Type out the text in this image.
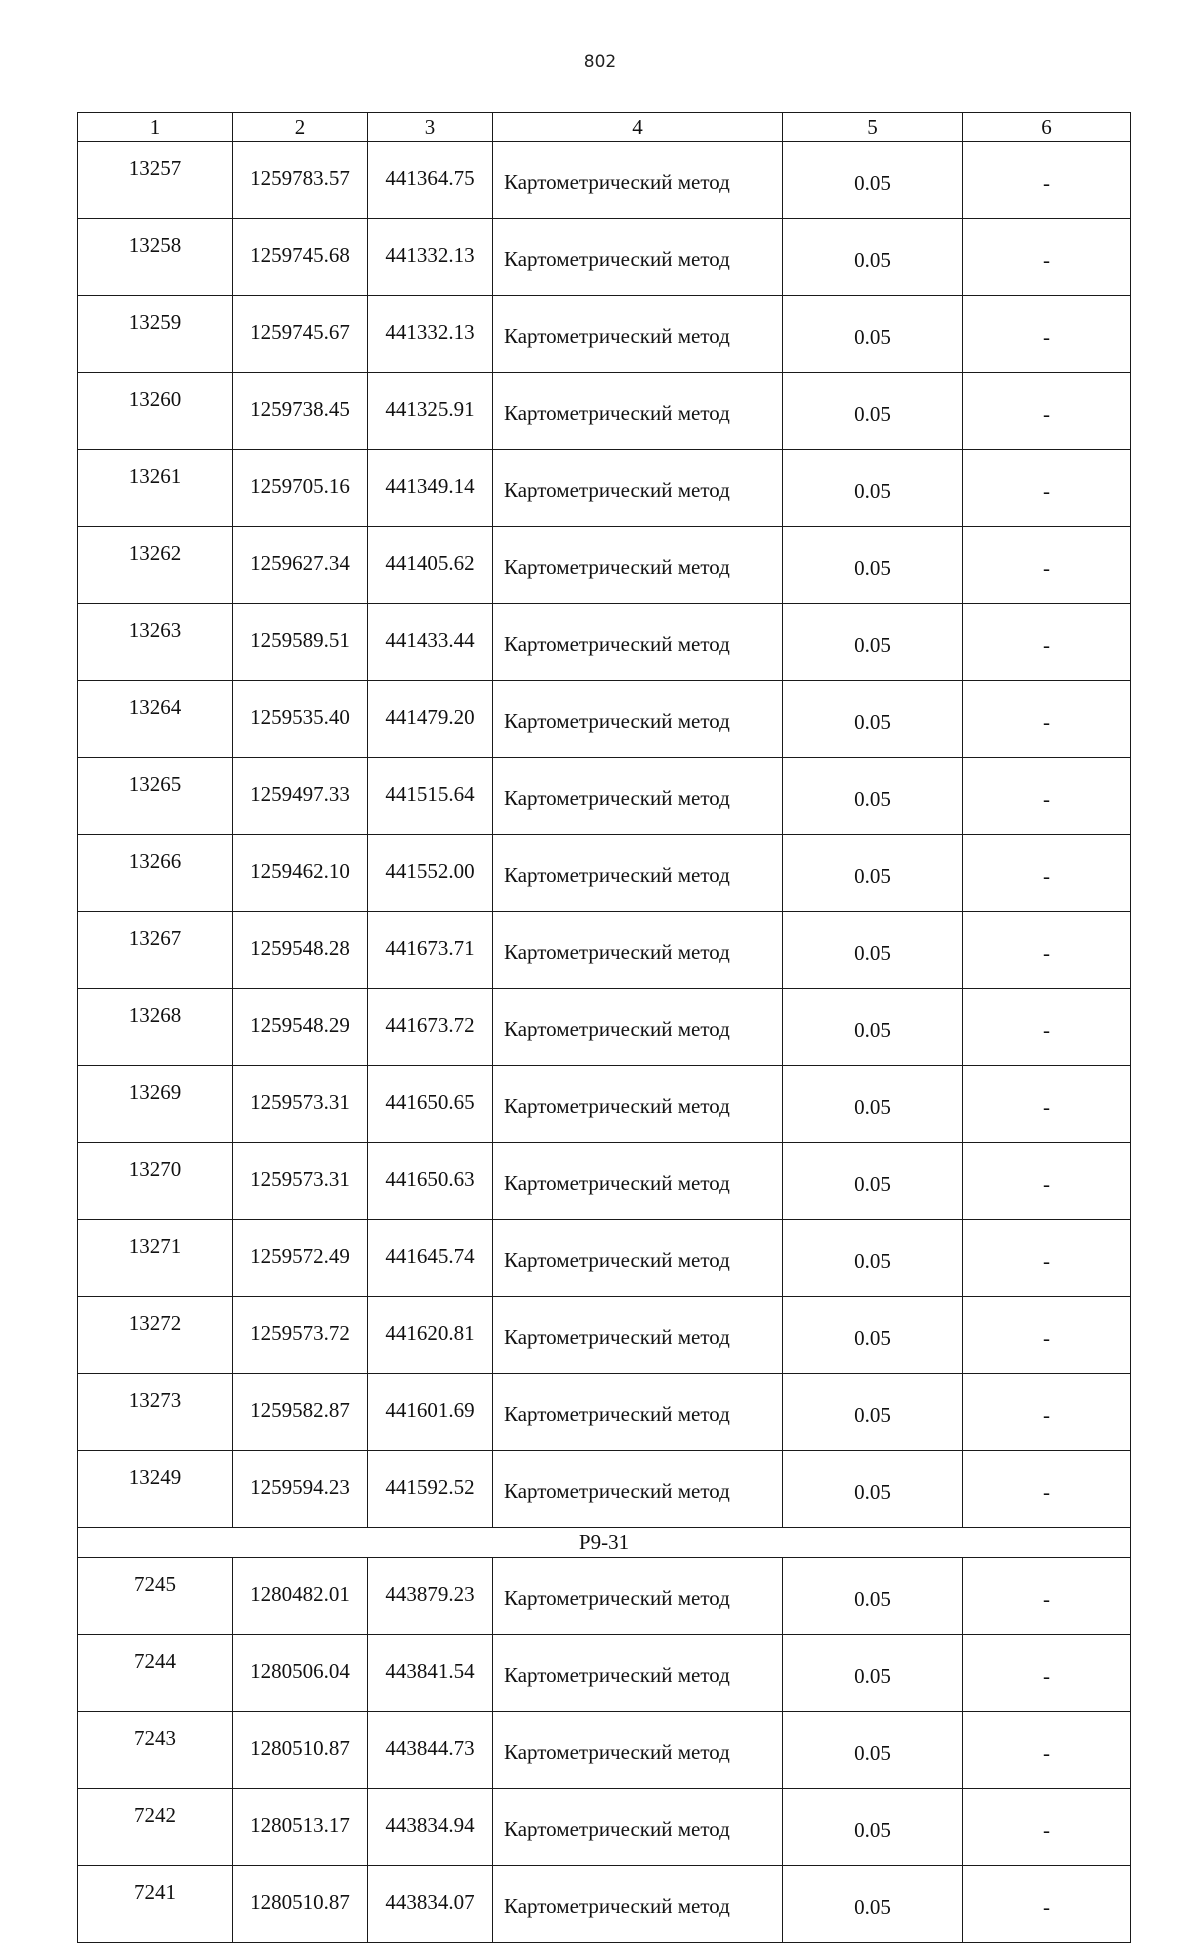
802
1	2	3	4	5	6
13257	1259783.57	441364.75	Картометрический метод	0.05	-
13258	1259745.68	441332.13	Картометрический метод	0.05	-
13259	1259745.67	441332.13	Картометрический метод	0.05	-
13260	1259738.45	441325.91	Картометрический метод	0.05	-
13261	1259705.16	441349.14	Картометрический метод	0.05	-
13262	1259627.34	441405.62	Картометрический метод	0.05	-
13263	1259589.51	441433.44	Картометрический метод	0.05	-
13264	1259535.40	441479.20	Картометрический метод	0.05	-
13265	1259497.33	441515.64	Картометрический метод	0.05	-
13266	1259462.10	441552.00	Картометрический метод	0.05	-
13267	1259548.28	441673.71	Картометрический метод	0.05	-
13268	1259548.29	441673.72	Картометрический метод	0.05	-
13269	1259573.31	441650.65	Картометрический метод	0.05	-
13270	1259573.31	441650.63	Картометрический метод	0.05	-
13271	1259572.49	441645.74	Картометрический метод	0.05	-
13272	1259573.72	441620.81	Картометрический метод	0.05	-
13273	1259582.87	441601.69	Картометрический метод	0.05	-
13249	1259594.23	441592.52	Картометрический метод	0.05	-
Р9-31					
7245	1280482.01	443879.23	Картометрический метод	0.05	-
7244	1280506.04	443841.54	Картометрический метод	0.05	-
7243	1280510.87	443844.73	Картометрический метод	0.05	-
7242	1280513.17	443834.94	Картометрический метод	0.05	-
7241	1280510.87	443834.07	Картометрический метод	0.05	-
